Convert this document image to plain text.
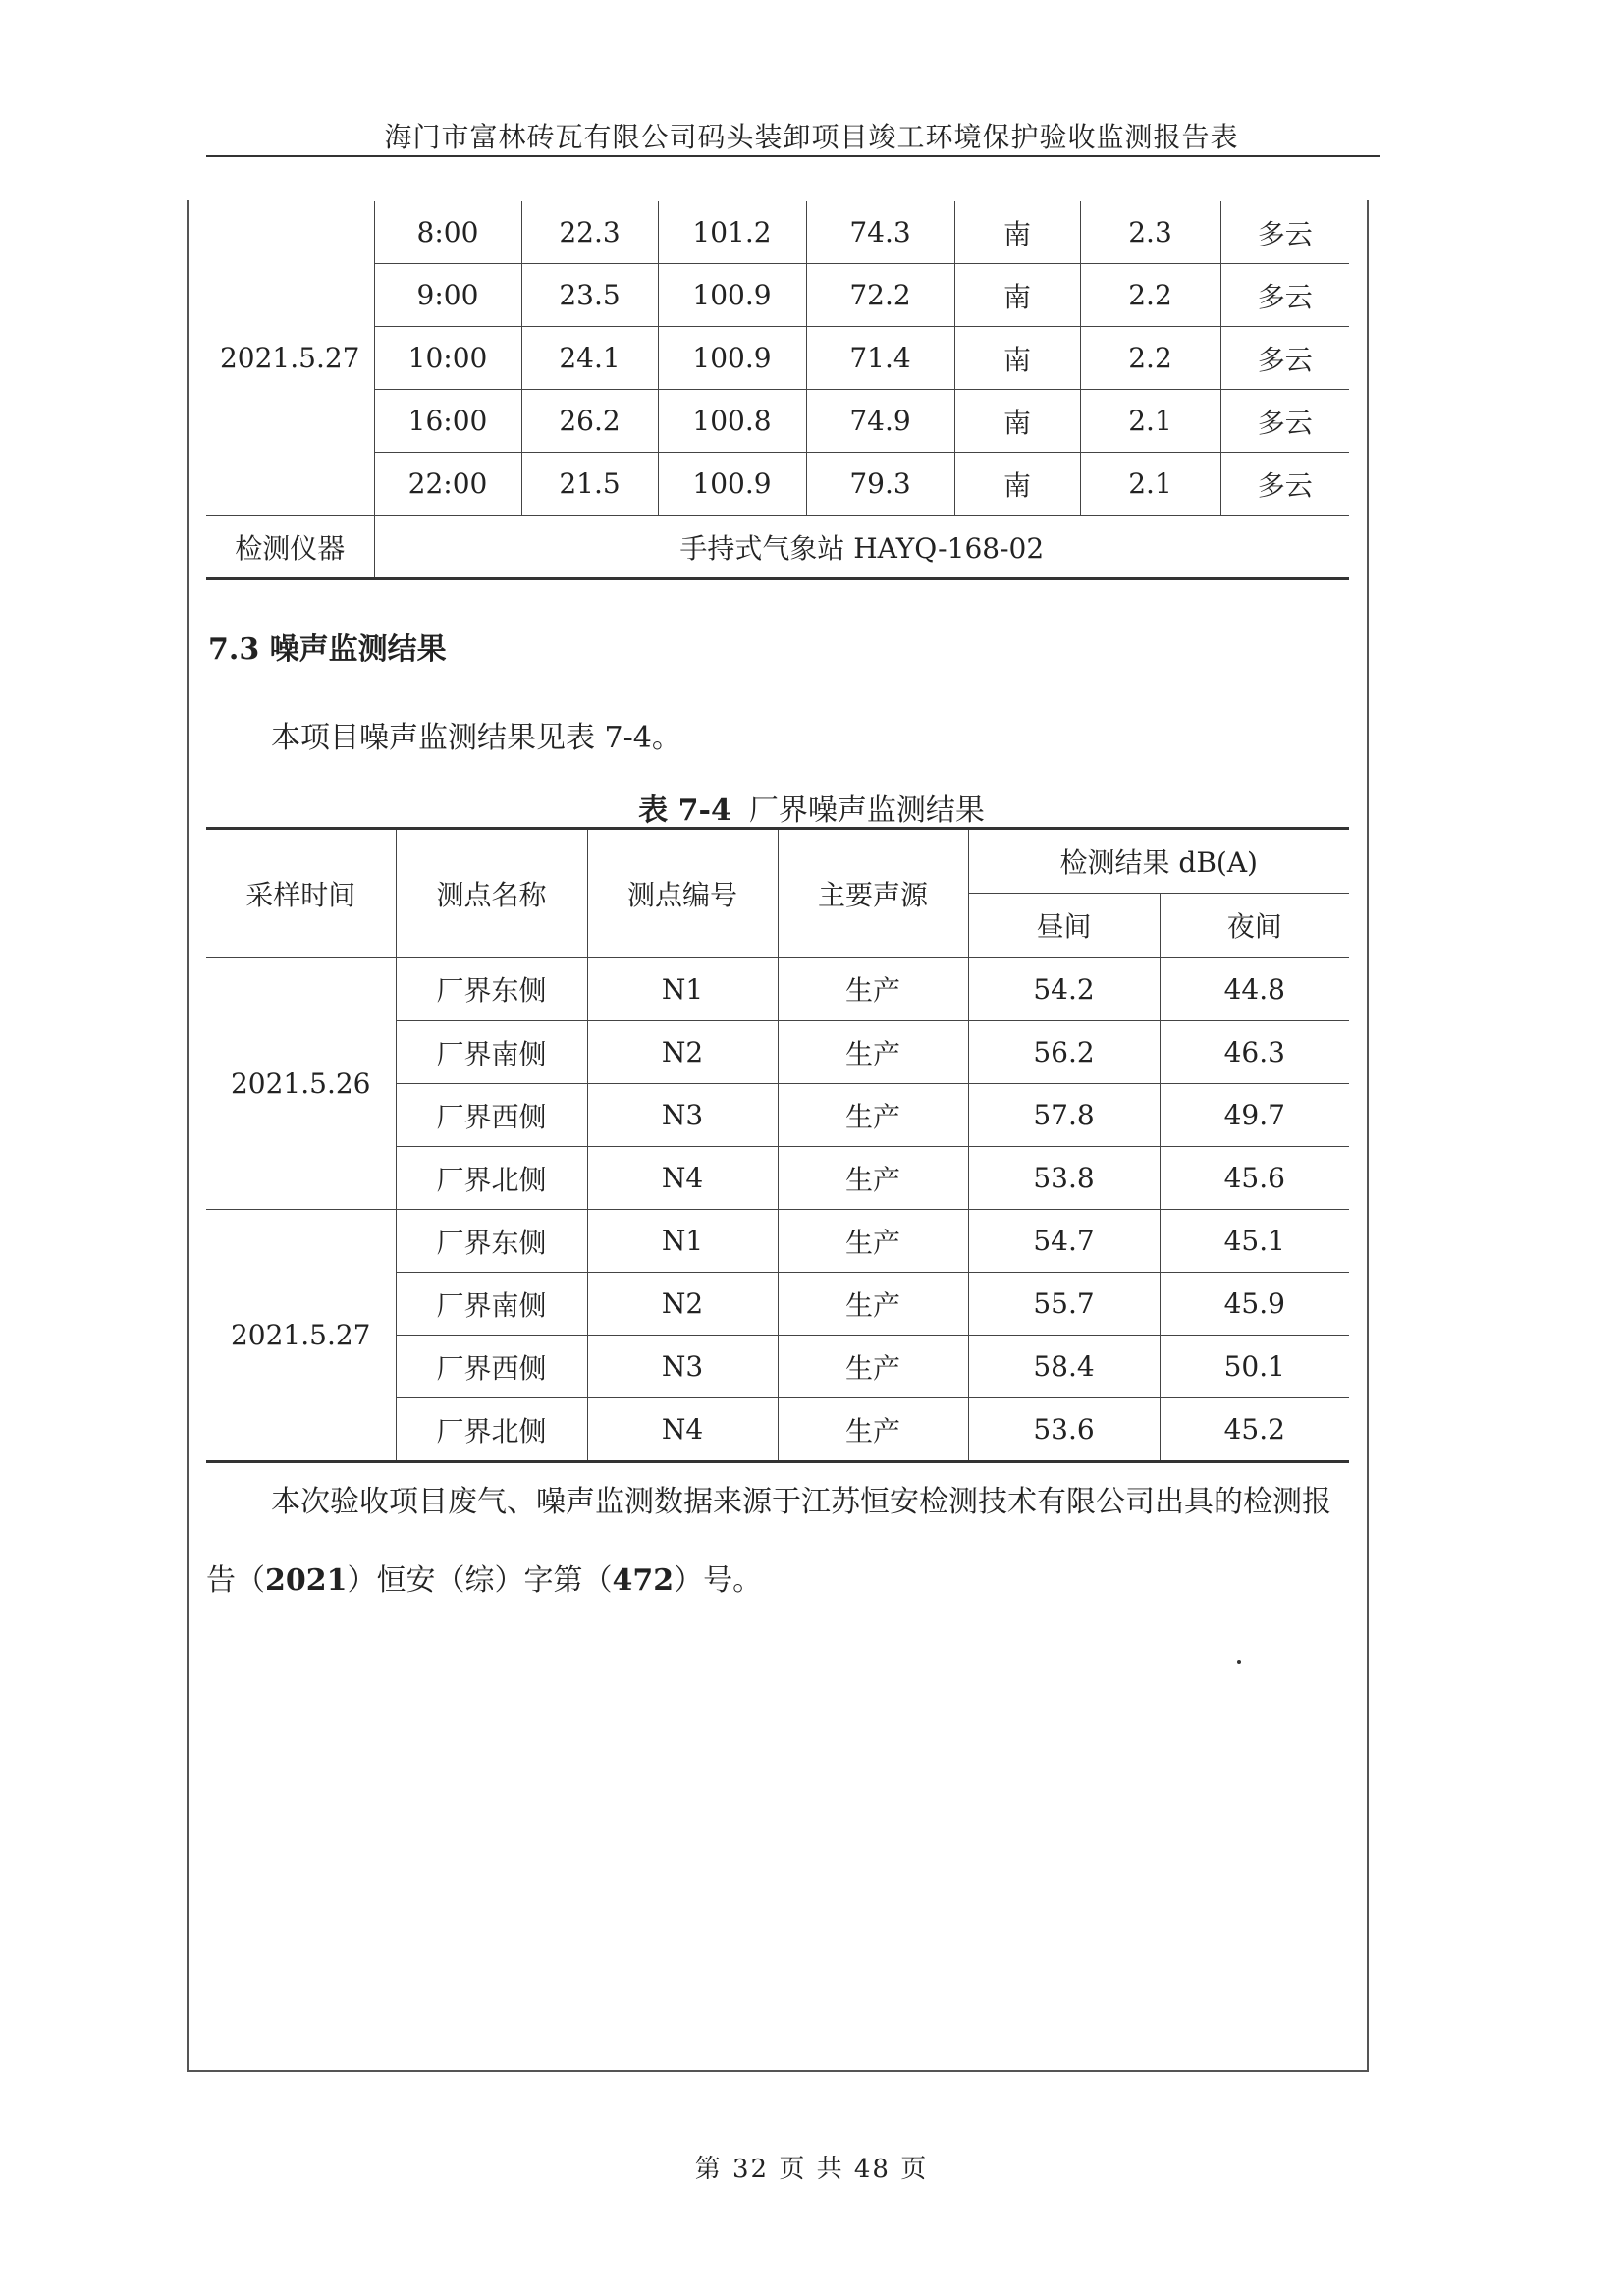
海门市富林砖瓦有限公司码头装卸项目竣工环境保护验收监测报告表
2021.5.27	8:00	22.3	101.2	74.3	南	2.3	多云
	9:00	23.5	100.9	72.2	南	2.2	多云
	10:00	24.1	100.9	71.4	南	2.2	多云
	16:00	26.2	100.8	74.9	南	2.1	多云
	22:00	21.5	100.9	79.3	南	2.1	多云
检测仪器	手持式气象站 HAYQ-168-02						
7.3 噪声监测结果
本项目噪声监测结果见表 7-4。
表 7-4 厂界噪声监测结果
采样时间	测点名称	测点编号	主要声源	检测结果 dB(A)	
				昼间	夜间
2021.5.26	厂界东侧	N1	生产	54.2	44.8
	厂界南侧	N2	生产	56.2	46.3
	厂界西侧	N3	生产	57.8	49.7
	厂界北侧	N4	生产	53.8	45.6
2021.5.27	厂界东侧	N1	生产	54.7	45.1
	厂界南侧	N2	生产	55.7	45.9
	厂界西侧	N3	生产	58.4	50.1
	厂界北侧	N4	生产	53.6	45.2
本次验收项目废气、噪声监测数据来源于江苏恒安检测技术有限公司出具的检测报告（2021）恒安（综）字第（472）号。
第 32 页 共 48 页
